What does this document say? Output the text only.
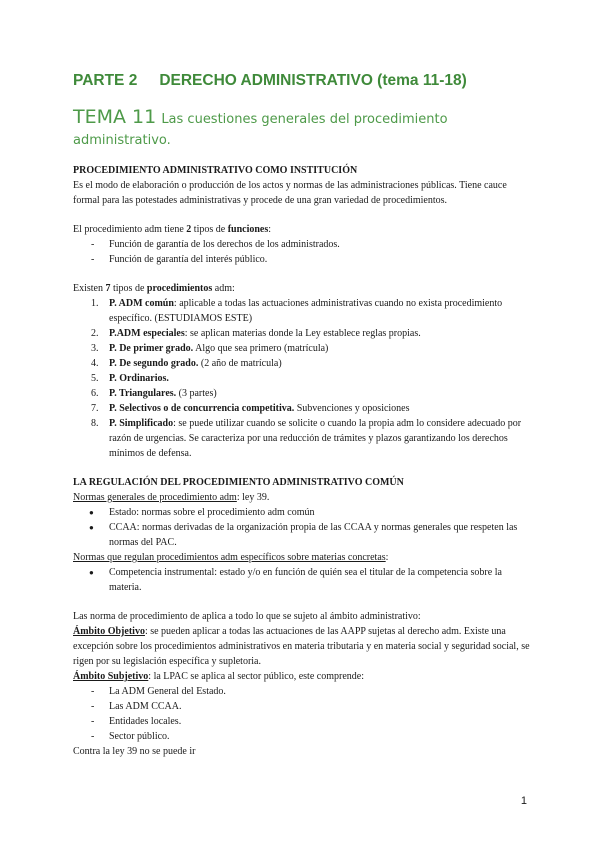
PARTE 2 DERECHO ADMINISTRATIVO (tema 11-18)
TEMA 11 Las cuestiones generales del procedimiento administrativo.

PROCEDIMIENTO ADMINISTRATIVO COMO INSTITUCIÓN

Es el modo de elaboración o producción de los actos y normas de las administraciones públicas. Tiene cauce formal para las potestades administrativas y procede de una gran variedad de procedimientos.

El procedimiento adm tiene 2 tipos de funciones:

- Función de garantía de los derechos de los administrados.
- Función de garantía del interés público.

Existen 7 tipos de procedimientos adm:

1. P. ADM común: aplicable a todas las actuaciones administrativas cuando no exista procedimiento específico. (ESTUDIAMOS ESTE)
2. P.ADM especiales: se aplican materias donde la Ley establece reglas propias.
3. P. De primer grado. Algo que sea primero (matrícula)
4. P. De segundo grado. (2 año de matrícula)
5. P. Ordinarios.
6. P. Triangulares. (3 partes)
7. P. Selectivos o de concurrencia competitiva. Subvenciones y oposiciones
8. P. Simplificado: se puede utilizar cuando se solicite o cuando la propia adm lo considere adecuado por razón de urgencias. Se caracteriza por una reducción de trámites y plazos garantizando los derechos mínimos de defensa.

LA REGULACIÓN DEL PROCEDIMIENTO ADMINISTRATIVO COMÚN

Normas generales de procedimiento adm: ley 39.

● Estado: normas sobre el procedimiento adm común
● CCAA: normas derivadas de la organización propia de las CCAA y normas generales que respeten las normas del PAC.

Normas que regulan procedimientos adm específicos sobre materias concretas:

● Competencia instrumental: estado y/o en función de quién sea el titular de la competencia sobre la materia.

Las norma de procedimiento de aplica a todo lo que se sujeto al ámbito administrativo:

Ámbito Objetivo: se pueden aplicar a todas las actuaciones de las AAPP sujetas al derecho adm. Existe una excepción sobre los procedimientos administrativos en materia tributaria y en materia social y seguridad social, se rigen por su legislación específica y supletoria.

Ámbito Subjetivo: la LPAC se aplica al sector público, este comprende:

- La ADM General del Estado.
- Las ADM CCAA.
- Entidades locales.
- Sector público.

Contra la ley 39 no se puede ir

1
